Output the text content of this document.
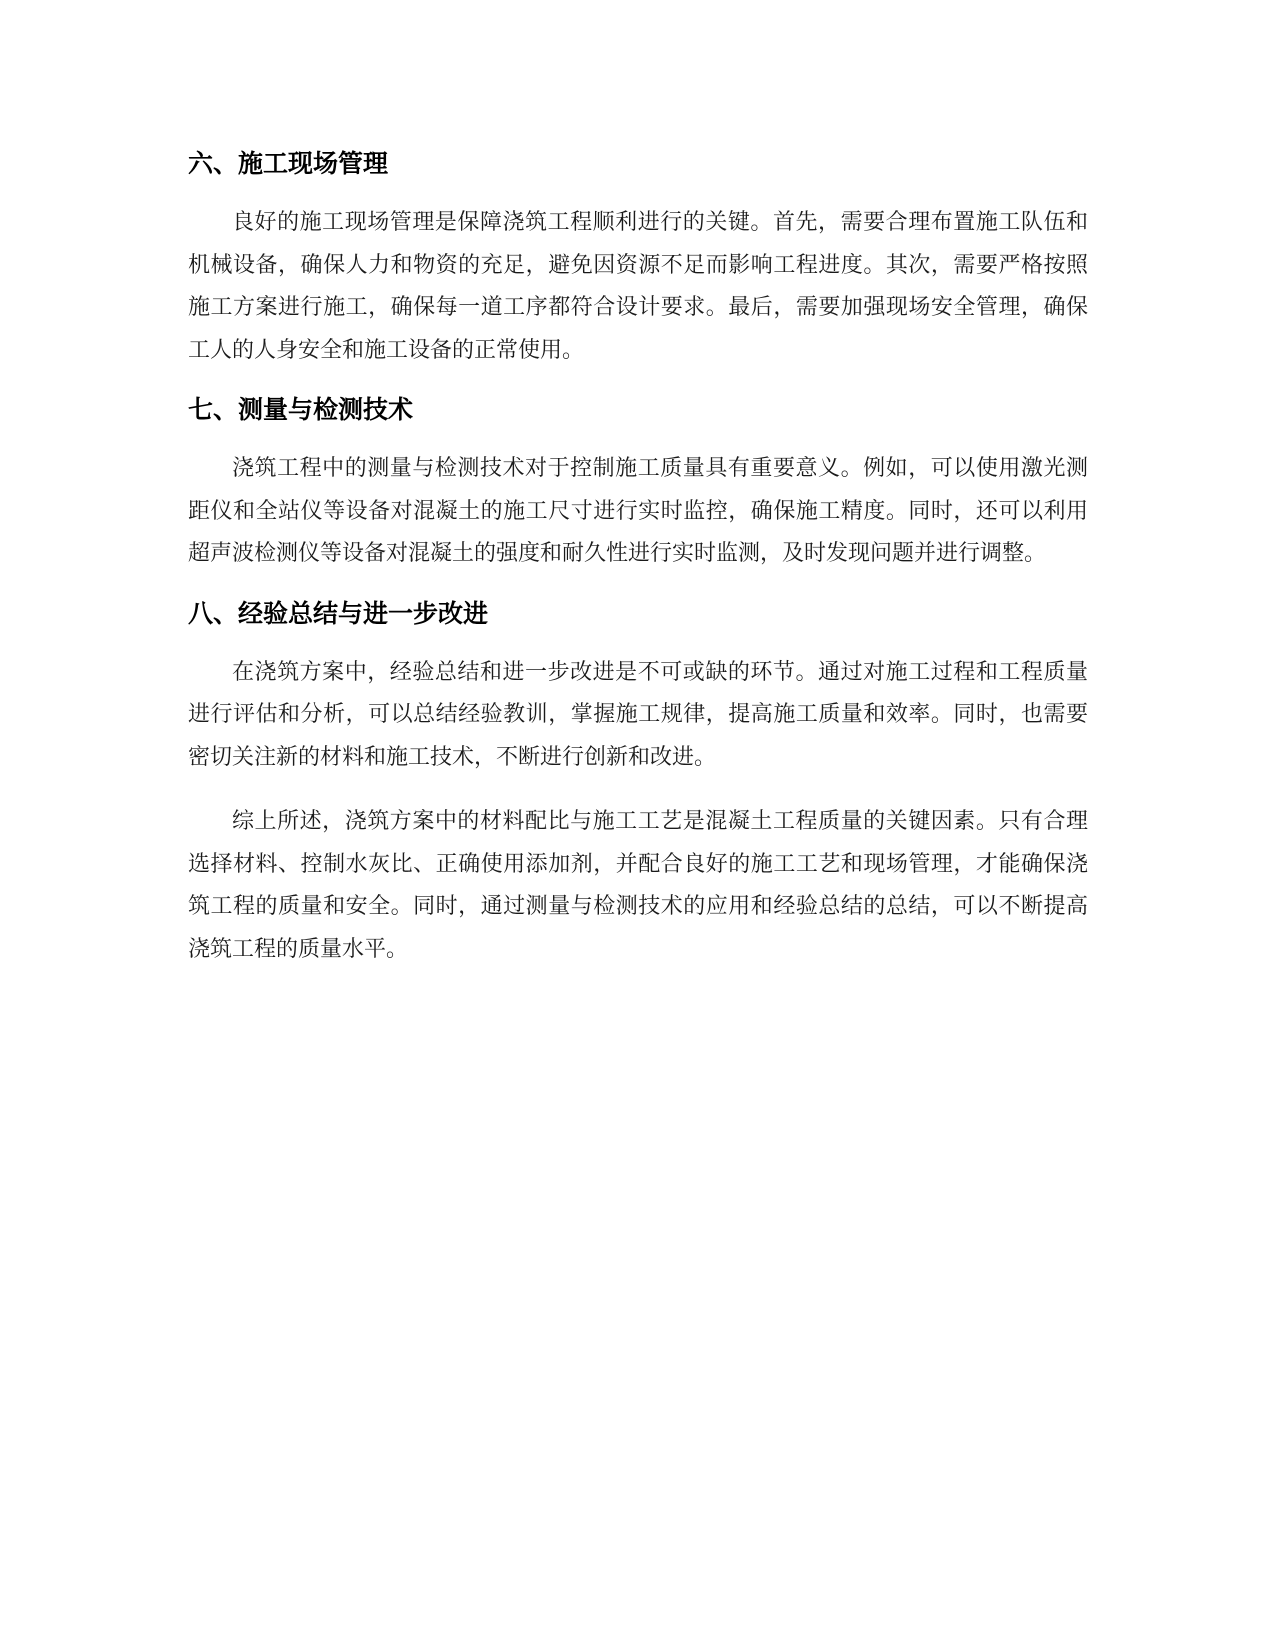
六、施工现场管理

良好的施工现场管理是保障浇筑工程顺利进行的关键。首先，需要合理布置施工队伍和机械设备，确保人力和物资的充足，避免因资源不足而影响工程进度。其次，需要严格按照施工方案进行施工，确保每一道工序都符合设计要求。最后，需要加强现场安全管理，确保工人的人身安全和施工设备的正常使用。

七、测量与检测技术

浇筑工程中的测量与检测技术对于控制施工质量具有重要意义。例如，可以使用激光测距仪和全站仪等设备对混凝土的施工尺寸进行实时监控，确保施工精度。同时，还可以利用超声波检测仪等设备对混凝土的强度和耐久性进行实时监测，及时发现问题并进行调整。

八、经验总结与进一步改进

在浇筑方案中，经验总结和进一步改进是不可或缺的环节。通过对施工过程和工程质量进行评估和分析，可以总结经验教训，掌握施工规律，提高施工质量和效率。同时，也需要密切关注新的材料和施工技术，不断进行创新和改进。

综上所述，浇筑方案中的材料配比与施工工艺是混凝土工程质量的关键因素。只有合理选择材料、控制水灰比、正确使用添加剂，并配合良好的施工工艺和现场管理，才能确保浇筑工程的质量和安全。同时，通过测量与检测技术的应用和经验总结的总结，可以不断提高浇筑工程的质量水平。
